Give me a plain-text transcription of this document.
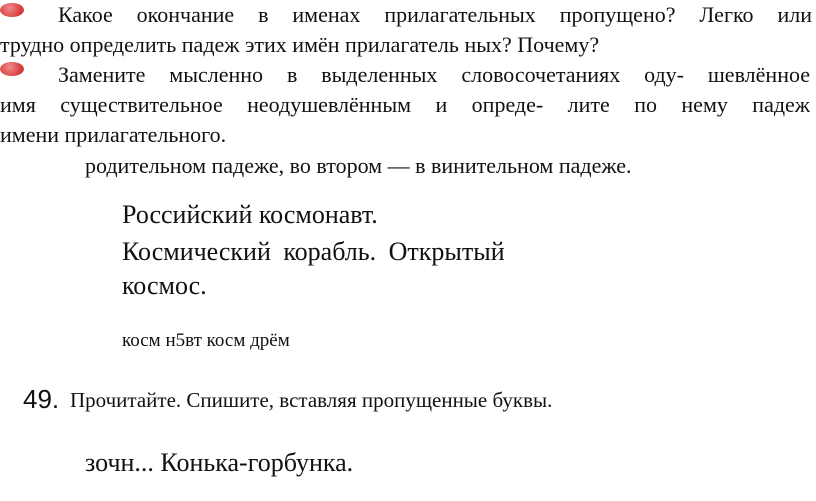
Какое окончание в именах прилагательных пропущено? Легко или
трудно определить падеж этих имён прилагатель ных? Почему?
Замените мысленно в выделенных словосочетаниях оду- шевлённое
имя существительное неодушевлённым и опреде- лите по нему падеж
имени прилагательного.
родительном падеже, во втором — в винительном падеже.
Российский космонавт.
Космический корабль. Открытый
космос.
косм н5вт косм дрём
49. Прочитайте. Спишите, вставляя пропущенные буквы.
зочн... Конька-горбунка.
